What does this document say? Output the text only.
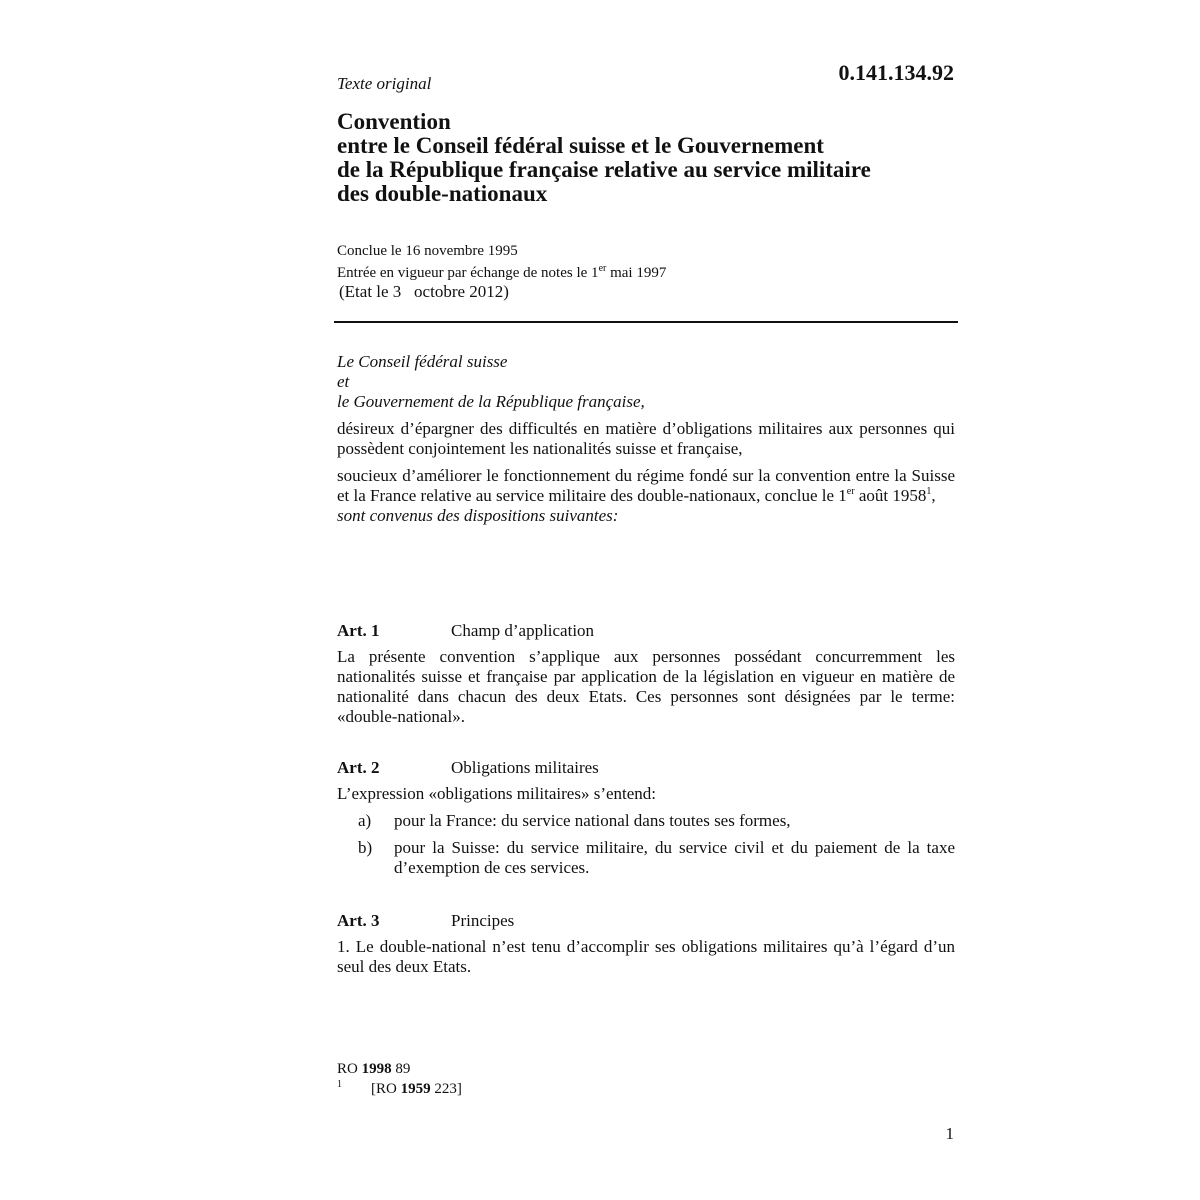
Texte original	0.141.134.92
Convention
entre le Conseil fédéral suisse et le Gouvernement
de la République française relative au service militaire
des double-nationaux
Conclue le 16 novembre 1995
Entrée en vigueur par échange de notes le 1er mai 1997
(Etat le 3   octobre 2012)
Le Conseil fédéral suisse
et
le Gouvernement de la République française,

désireux d’épargner des difficultés en matière d’obligations militaires aux personnes qui possèdent conjointement les nationalités suisse et française,

soucieux d’améliorer le fonctionnement du régime fondé sur la convention entre la Suisse et la France relative au service militaire des double-nationaux, conclue le 1er août 1958$^1$,

sont convenus des dispositions suivantes:

Art. 1	Champ d’application

La présente convention s’applique aux personnes possédant concurremment les nationalités suisse et française par application de la législation en vigueur en matière de nationalité dans chacun des deux Etats. Ces personnes sont désignées par le terme: «double-national».

Art. 2	Obligations militaires

L’expression «obligations militaires» s’entend:

a)	pour la France: du service national dans toutes ses formes,
b)	pour la Suisse: du service militaire, du service civil et du paiement de la taxe d’exemption de ces services.
Art. 3	Principes

1. Le double-national n’est tenu d’accomplir ses obligations militaires qu’à l’égard d’un seul des deux Etats.

RO 1998 89
1	[RO 1959 223]
1
